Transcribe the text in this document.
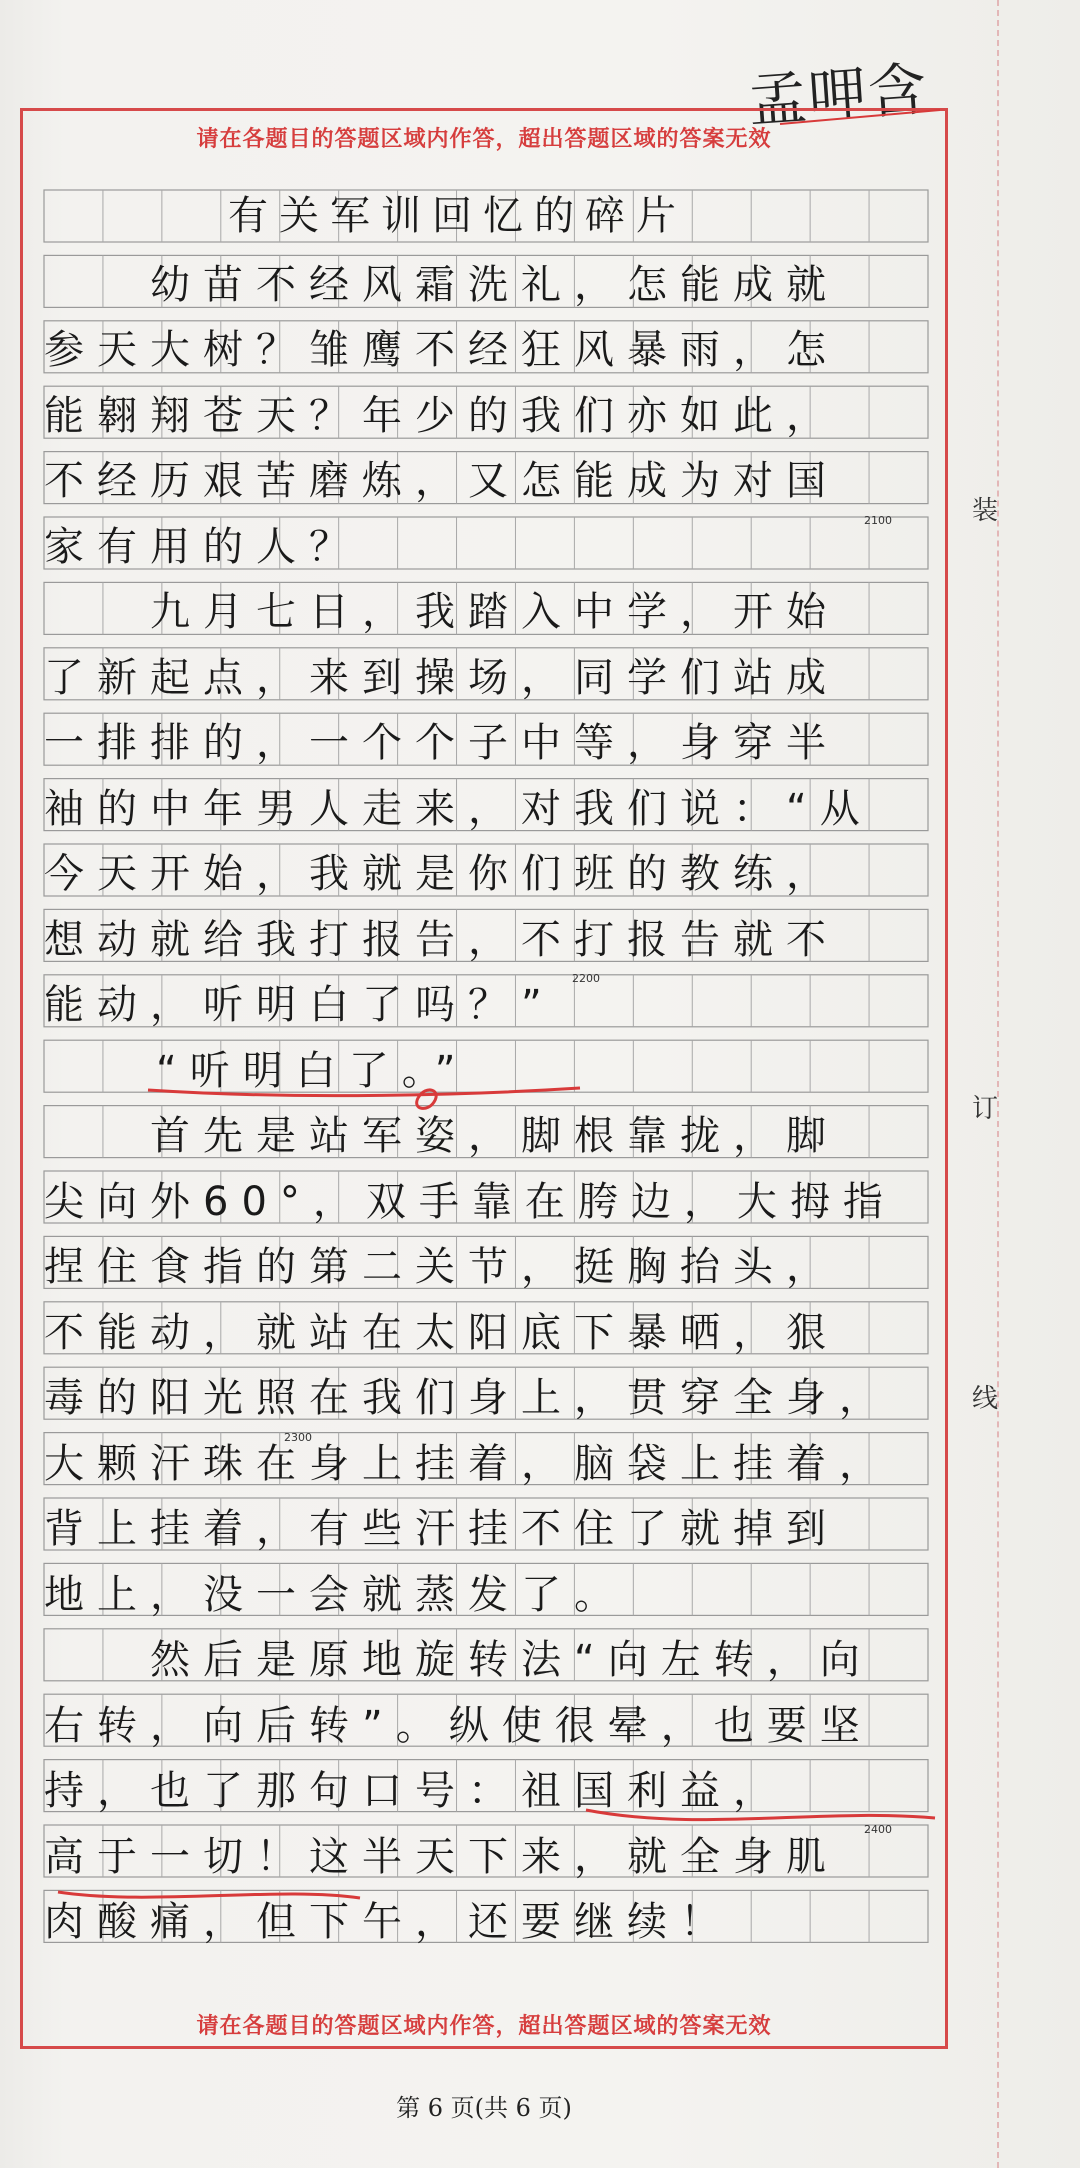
孟呷含
请在各题目的答题区域内作答，超出答题区域的答案无效
请在各题目的答题区域内作答，超出答题区域的答案无效
装
订
线
有关军训回忆的碎片
　　幼苗不经风霜洗礼，怎能成就
参天大树？雏鹰不经狂风暴雨，怎
能翱翔苍天？年少的我们亦如此，
不经历艰苦磨炼，又怎能成为对国
家有用的人？
　　九月七日，我踏入中学，开始
了新起点，来到操场，同学们站成
一排排的，一个个子中等，身穿半
袖的中年男人走来，对我们说：“从
今天开始，我就是你们班的教练，
想动就给我打报告，不打报告就不
能动，听明白了吗？”
“听明白了。”
　　首先是站军姿，脚根靠拢，脚
尖向外60°，双手靠在胯边，大拇指
捏住食指的第二关节，挺胸抬头，
不能动，就站在太阳底下暴晒，狠
毒的阳光照在我们身上，贯穿全身，
大颗汗珠在身上挂着，脑袋上挂着，
背上挂着，有些汗挂不住了就掉到
地上，没一会就蒸发了。
　　然后是原地旋转法“向左转，向
右转，向后转”。纵使很晕，也要坚
持，也了那句口号：祖国利益，
高于一切！这半天下来，就全身肌
肉酸痛，但下午，还要继续！
2100
2200
2300
2400
第 6 页(共 6 页)
